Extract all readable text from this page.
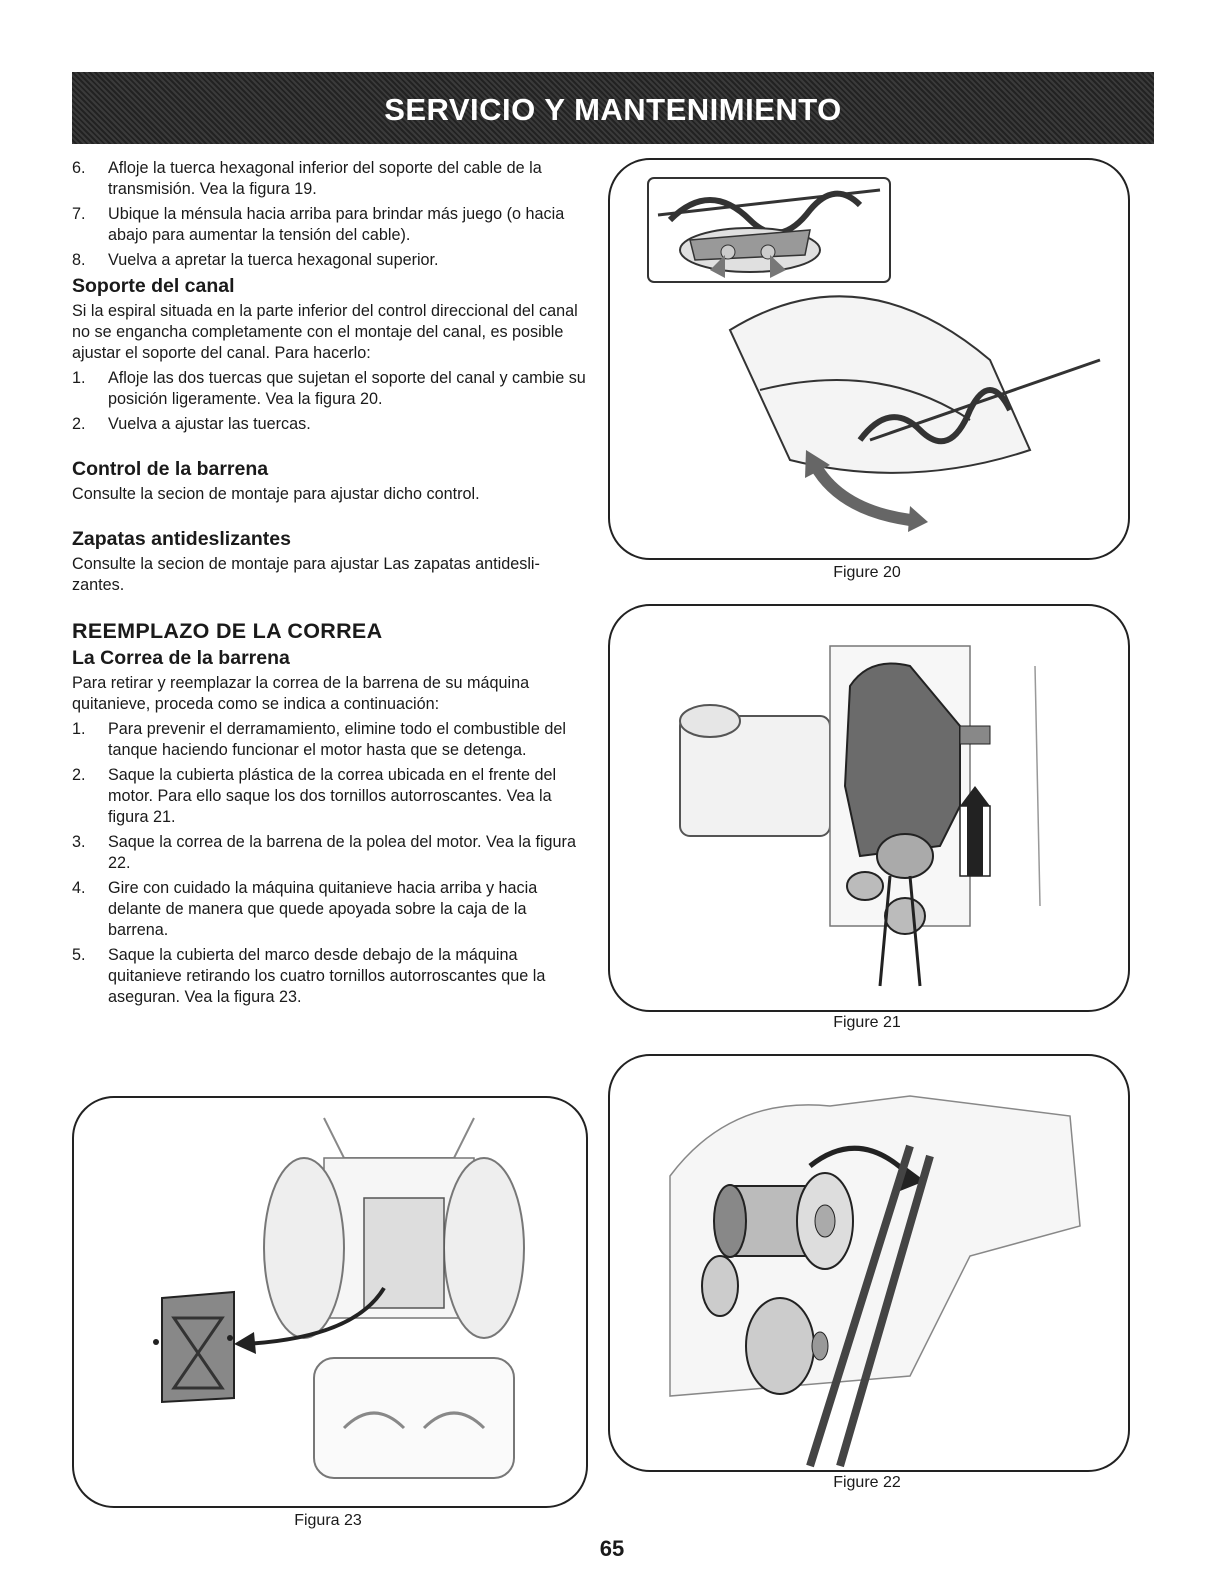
SERVICIO Y MANTENIMIENTO
6.	Afloje la tuerca hexagonal inferior del soporte del cable de la transmisión. Vea la figura 19.
7.	Ubique la ménsula hacia arriba para brindar más juego (o hacia abajo para aumentar la tensión del cable).
8.	Vuelva a apretar la tuerca hexagonal superior.
Soporte del canal

Si la espiral situada en la parte inferior del control direccional del canal no se engancha completamente con el montaje del canal, es posible ajustar el soporte del canal. Para hacerlo:

1.	Afloje las dos tuercas que sujetan el soporte del canal y cambie su posición ligeramente. Vea la figura 20.
2.	Vuelva a ajustar las tuercas.
Control de la barrena

Consulte la secion de montaje para ajustar dicho control.

Zapatas antideslizantes

Consulte la secion de montaje para ajustar Las zapatas antidesli- zantes.

REEMPLAZO DE LA CORREA
La Correa de la barrena

Para retirar y reemplazar la correa de la barrena de su máquina quitanieve, proceda como se indica a continuación:

1.	Para prevenir el derramamiento, elimine todo el combustible del tanque haciendo funcionar el motor hasta que se detenga.
2.	Saque la cubierta plástica de la correa ubicada en el frente del motor. Para ello saque los dos tornillos autorroscantes. Vea la figura 21.
3.	Saque la correa de la barrena de la polea del motor. Vea la figura 22.
4.	Gire con cuidado la máquina quitanieve hacia arriba y hacia delante de manera que quede apoyada sobre la caja de la barrena.
5.	Saque la cubierta del marco desde debajo de la máquina quitanieve retirando los cuatro tornillos autorroscantes que la aseguran. Vea la figura 23.
Figure 20
Figure 21
Figure 22
Figura 23
65
